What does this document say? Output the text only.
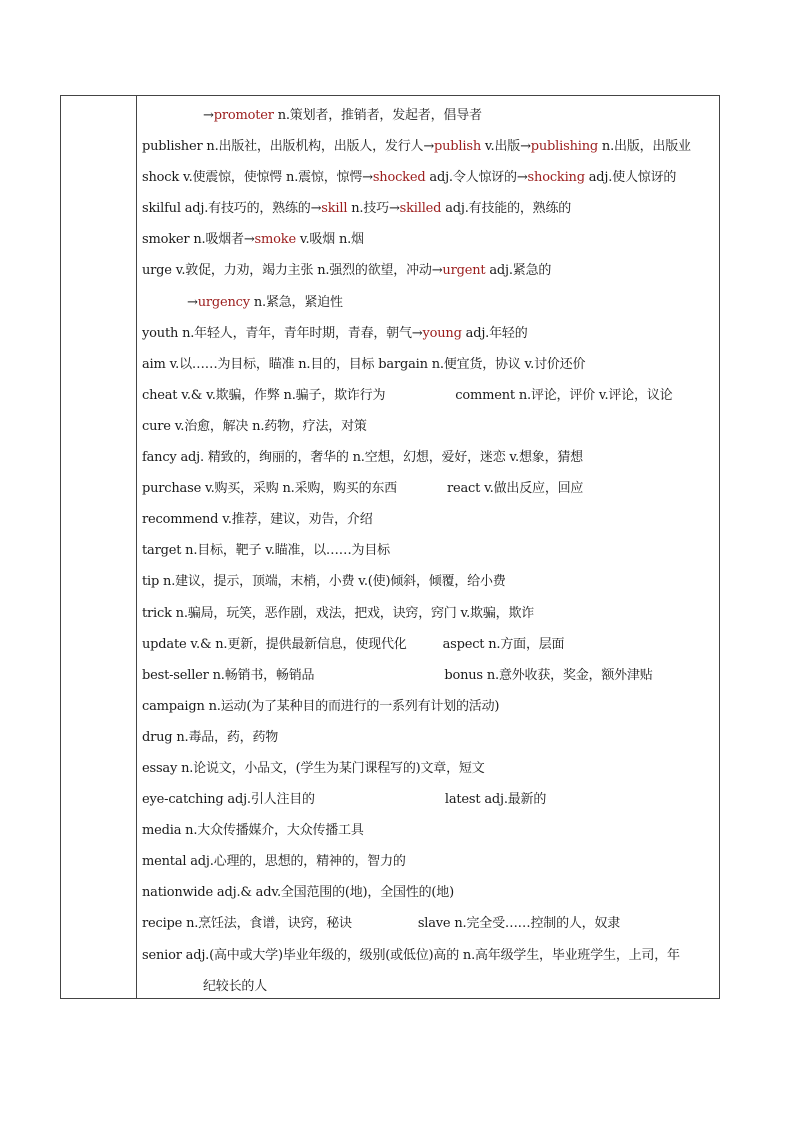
→promoter n.策划者，推销者，发起者，倡导者
publisher n.出版社，出版机构，出版人，发行人→publish v.出版→publishing n.出版，出版业
shock v.使震惊，使惊愕 n.震惊，惊愕→shocked adj.令人惊讶的→shocking adj.使人惊讶的
skilful adj.有技巧的，熟练的→skill n.技巧→skilled adj.有技能的，熟练的
smoker n.吸烟者→smoke v.吸烟 n.烟
urge v.敦促，力劝，竭力主张 n.强烈的欲望，冲动→urgent adj.紧急的
→urgency n.紧急，紧迫性
youth n.年轻人，青年，青年时期，青春，朝气→young adj.年轻的
aim v.以……为目标，瞄准 n.目的，目标 bargain n.便宜货，协议 v.讨价还价
cheat v.& v.欺骗，作弊 n.骗子，欺诈行为	comment n.评论，评价 v.评论，议论
cure v.治愈，解决 n.药物，疗法，对策
fancy adj. 精致的，绚丽的，奢华的 n.空想，幻想，爱好，迷恋 v.想象，猜想
purchase v.购买，采购 n.采购，购买的东西	react v.做出反应，回应
recommend v.推荐，建议，劝告，介绍
target n.目标，靶子 v.瞄准，以……为目标
tip n.建议，提示，顶端，末梢，小费 v.(使)倾斜，倾覆，给小费
trick n.骗局，玩笑，恶作剧，戏法，把戏，诀窍，窍门 v.欺骗，欺诈
update v.& n.更新，提供最新信息，使现代化	aspect n.方面，层面
best-seller n.畅销书，畅销品	bonus n.意外收获，奖金，额外津贴
campaign n.运动(为了某种目的而进行的一系列有计划的活动)
drug n.毒品，药，药物
essay n.论说文，小品文，(学生为某门课程写的)文章，短文
eye-catching adj.引人注目的	latest adj.最新的
media n.大众传播媒介，大众传播工具
mental adj.心理的，思想的，精神的，智力的
nationwide adj.& adv.全国范围的(地)，全国性的(地)
recipe n.烹饪法，食谱，诀窍，秘诀	slave n.完全受……控制的人，奴隶
senior adj.(高中或大学)毕业年级的，级别(或低位)高的 n.高年级学生，毕业班学生，上司，年
纪较长的人
